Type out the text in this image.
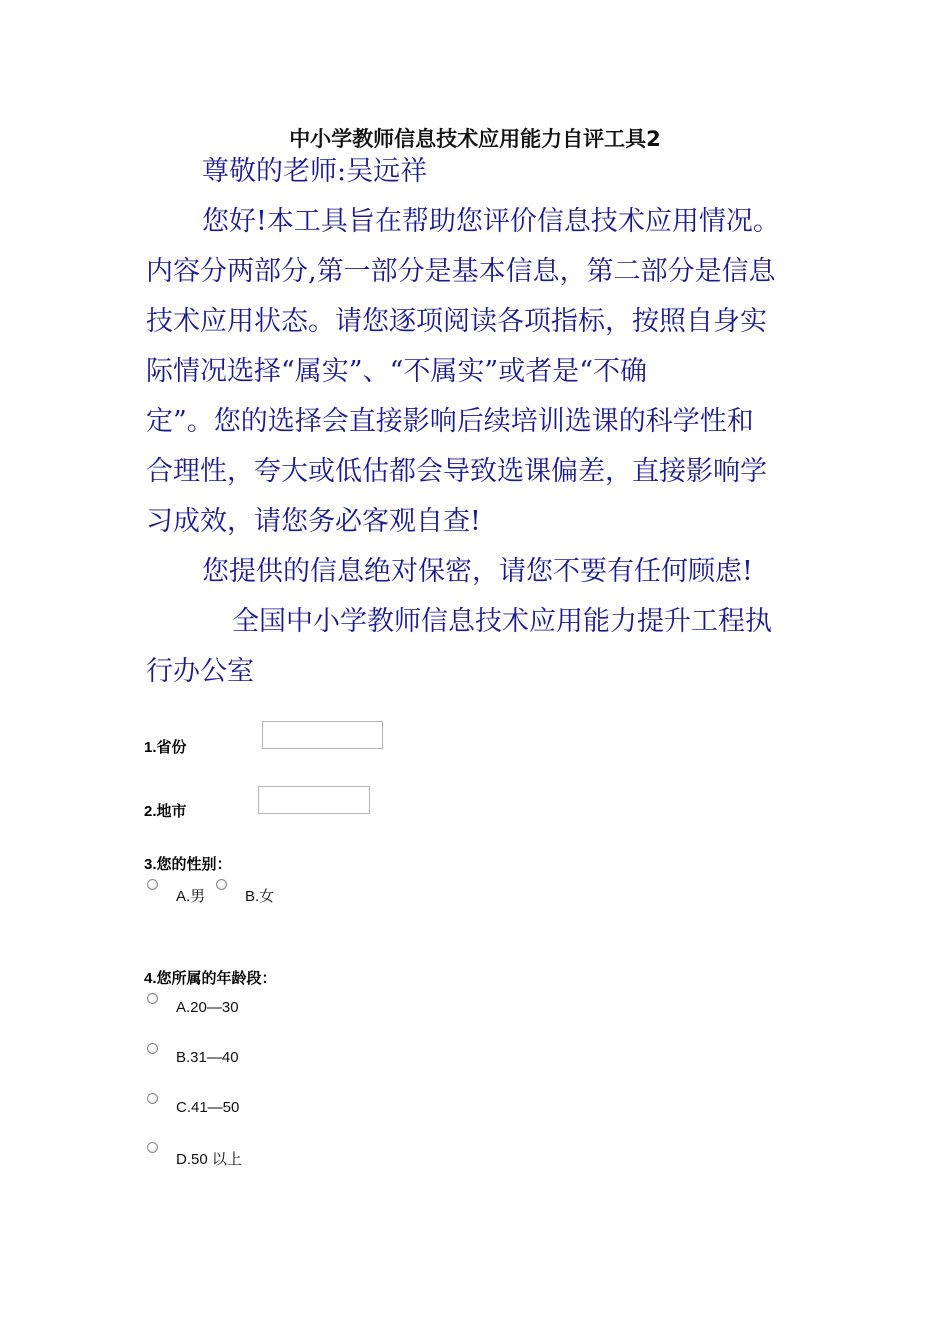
中小学教师信息技术应用能力自评工具2
尊敬的老师:吴远祥
您好!本工具旨在帮助您评价信息技术应用情况。
内容分两部分,第一部分是基本信息，第二部分是信息
技术应用状态。请您逐项阅读各项指标，按照自身实
际情况选择“属实”、“不属实”或者是“不确
定”。您的选择会直接影响后续培训选课的科学性和
合理性，夸大或低估都会导致选课偏差，直接影响学
习成效，请您务必客观自查!
您提供的信息绝对保密，请您不要有任何顾虑!
全国中小学教师信息技术应用能力提升工程执
行办公室
1.省份
2.地市
3.您的性别：
A.男	B.女
4.您所属的年龄段：
A.20—30
B.31—40
C.41—50
D.50 以上
